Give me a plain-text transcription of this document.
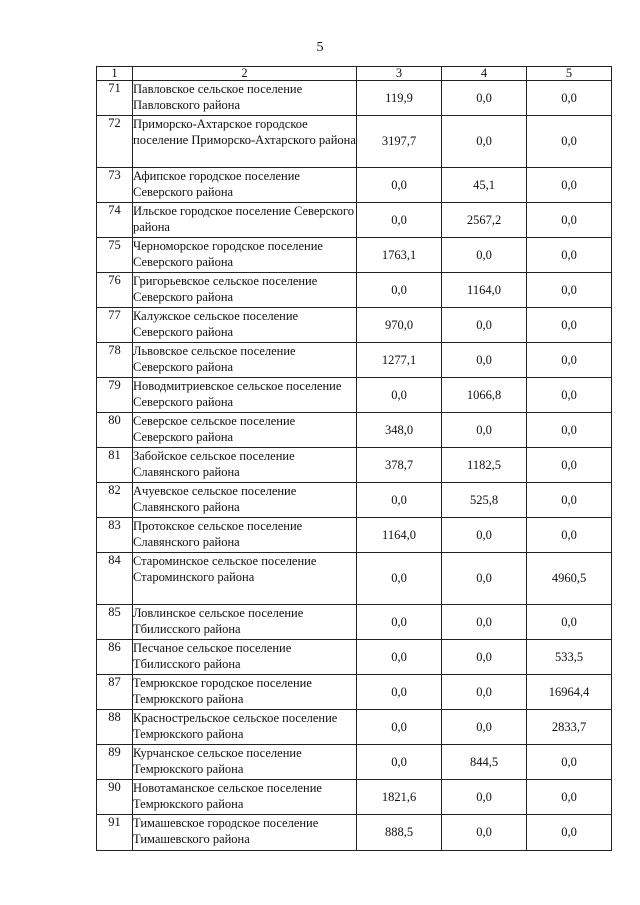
5
1	2	3	4	5
71	Павловское сельское поселение Павловского района	119,9	0,0	0,0
72	Приморско-Ахтарское городское поселение Приморско-Ахтарского района	3197,7	0,0	0,0
73	Афипское городское поселение Северского района	0,0	45,1	0,0
74	Ильское городское поселение Северского района	0,0	2567,2	0,0
75	Черноморское городское поселение Северского района	1763,1	0,0	0,0
76	Григорьевское сельское поселение Северского района	0,0	1164,0	0,0
77	Калужское сельское поселение Северского района	970,0	0,0	0,0
78	Львовское сельское поселение Северского района	1277,1	0,0	0,0
79	Новодмитриевское сельское поселение Северского района	0,0	1066,8	0,0
80	Северское сельское поселение Северского района	348,0	0,0	0,0
81	Забойское сельское поселение Славянского района	378,7	1182,5	0,0
82	Ачуевское сельское поселение Славянского района	0,0	525,8	0,0
83	Протокское сельское поселение Славянского района	1164,0	0,0	0,0
84	Староминское сельское поселение Староминского района	0,0	0,0	4960,5
85	Ловлинское сельское поселение Тбилисского района	0,0	0,0	0,0
86	Песчаное сельское поселение Тбилисского района	0,0	0,0	533,5
87	Темрюкское городское поселение Темрюкского района	0,0	0,0	16964,4
88	Краснострельское сельское поселение Темрюкского района	0,0	0,0	2833,7
89	Курчанское сельское поселение Темрюкского района	0,0	844,5	0,0
90	Новотаманское сельское поселение Темрюкского района	1821,6	0,0	0,0
91	Тимашевское городское поселение Тимашевского района	888,5	0,0	0,0
